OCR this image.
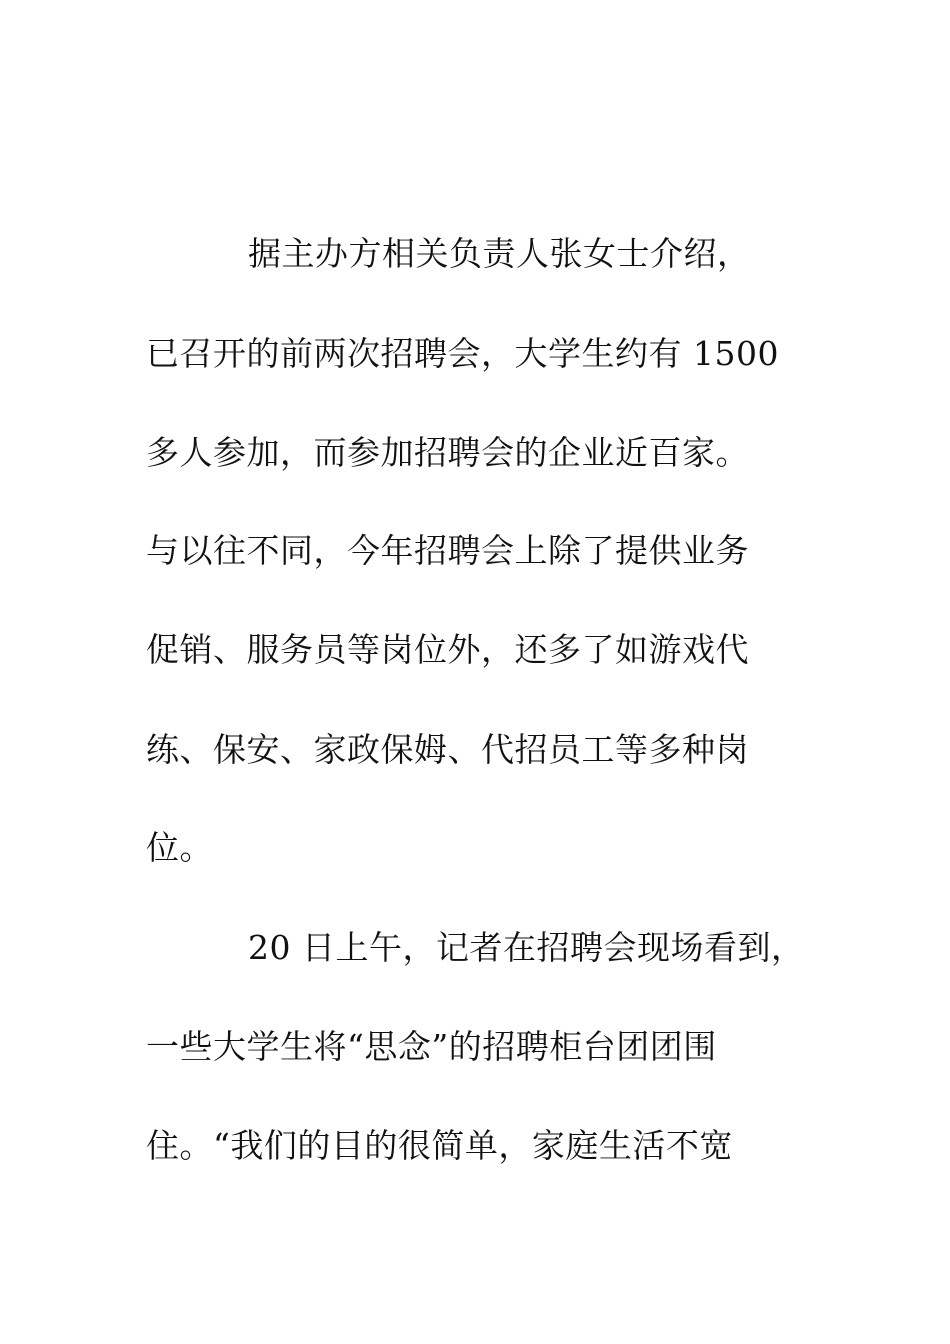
据主办方相关负责人张女士介绍，
已召开的前两次招聘会，大学生约有 1500
多人参加，而参加招聘会的企业近百家。
与以往不同，今年招聘会上除了提供业务
促销、服务员等岗位外，还多了如游戏代
练、保安、家政保姆、代招员工等多种岗
位。
20 日上午，记者在招聘会现场看到，
一些大学生将“思念”的招聘柜台团团围
住。“我们的目的很简单，家庭生活不宽
